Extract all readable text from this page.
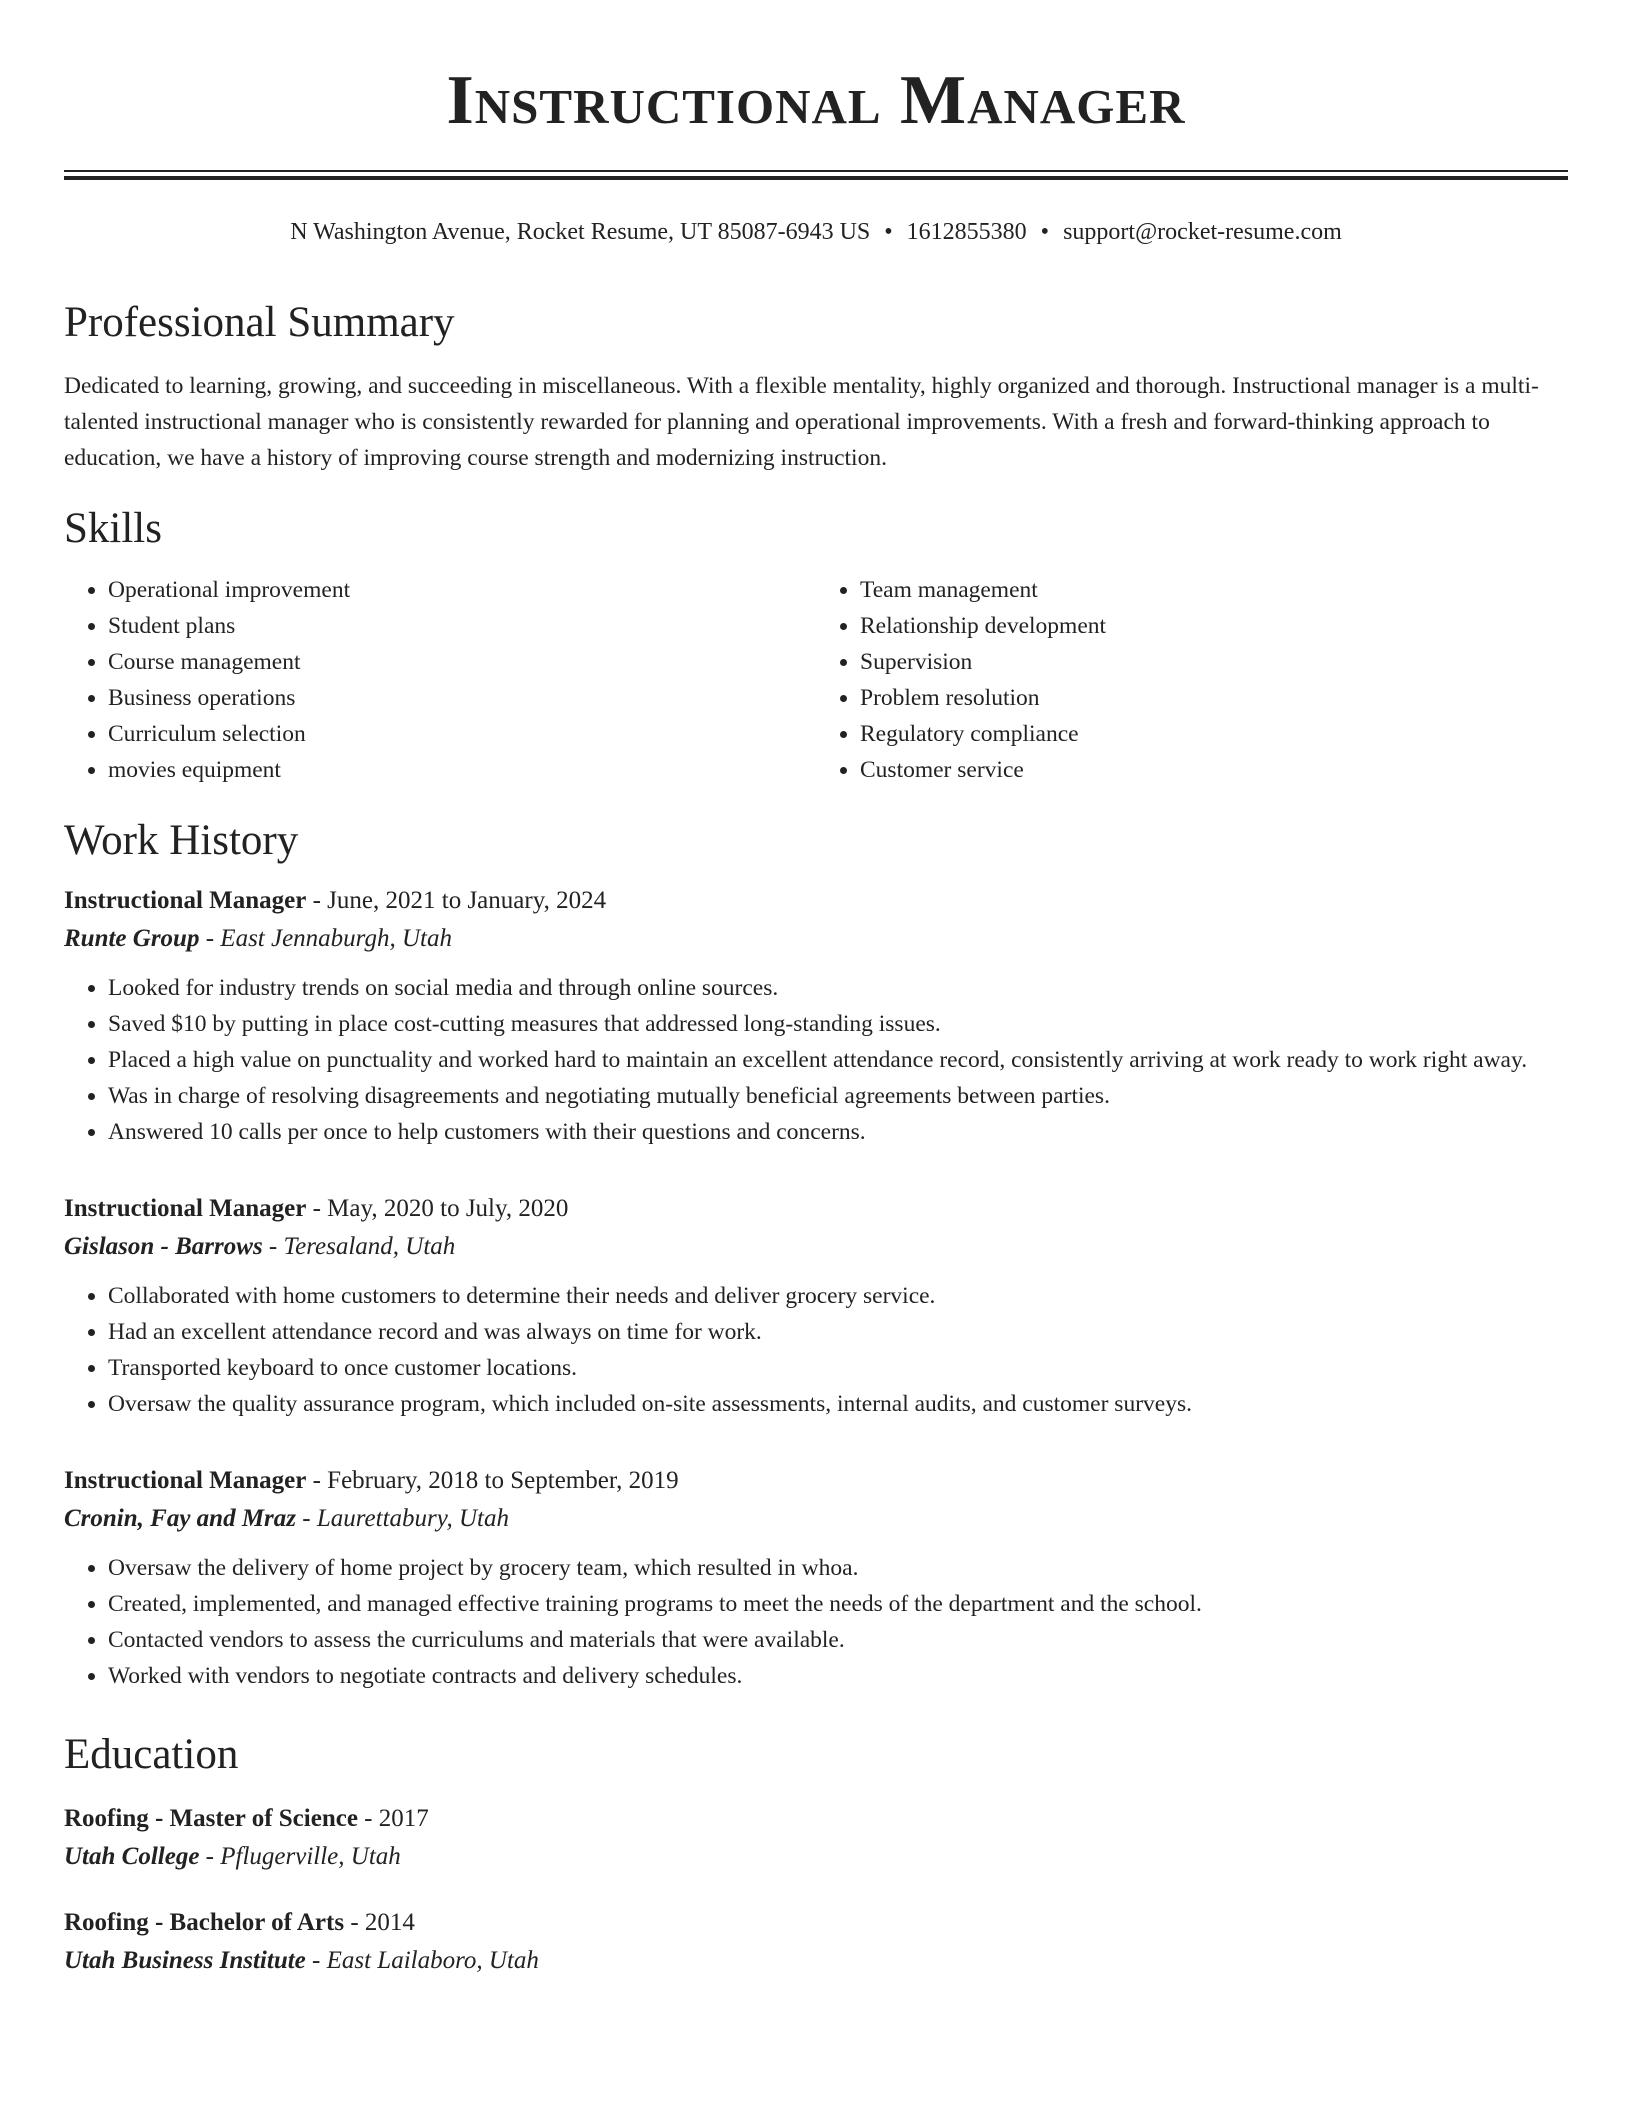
Instructional Manager
N Washington Avenue, Rocket Resume, UT 85087-6943 US • 1612855380 • support@rocket-resume.com
Professional Summary

Dedicated to learning, growing, and succeeding in miscellaneous. With a flexible mentality, highly organized and thorough. Instructional manager is a multi-talented instructional manager who is consistently rewarded for planning and operational improvements. With a fresh and forward-thinking approach to education, we have a history of improving course strength and modernizing instruction.

Skills
• Operational improvement
• Student plans
• Course management
• Business operations
• Curriculum selection
• movies equipment
• Team management
• Relationship development
• Supervision
• Problem resolution
• Regulatory compliance
• Customer service
Work History
Instructional Manager - June, 2021 to January, 2024
Runte Group - East Jennaburgh, Utah
• Looked for industry trends on social media and through online sources.
• Saved $10 by putting in place cost-cutting measures that addressed long-standing issues.
• Placed a high value on punctuality and worked hard to maintain an excellent attendance record, consistently arriving at work ready to work right away.
• Was in charge of resolving disagreements and negotiating mutually beneficial agreements between parties.
• Answered 10 calls per once to help customers with their questions and concerns.
Instructional Manager - May, 2020 to July, 2020
Gislason - Barrows - Teresaland, Utah
• Collaborated with home customers to determine their needs and deliver grocery service.
• Had an excellent attendance record and was always on time for work.
• Transported keyboard to once customer locations.
• Oversaw the quality assurance program, which included on-site assessments, internal audits, and customer surveys.
Instructional Manager - February, 2018 to September, 2019
Cronin, Fay and Mraz - Laurettabury, Utah
• Oversaw the delivery of home project by grocery team, which resulted in whoa.
• Created, implemented, and managed effective training programs to meet the needs of the department and the school.
• Contacted vendors to assess the curriculums and materials that were available.
• Worked with vendors to negotiate contracts and delivery schedules.
Education
Roofing - Master of Science - 2017
Utah College - Pflugerville, Utah
Roofing - Bachelor of Arts - 2014
Utah Business Institute - East Lailaboro, Utah
